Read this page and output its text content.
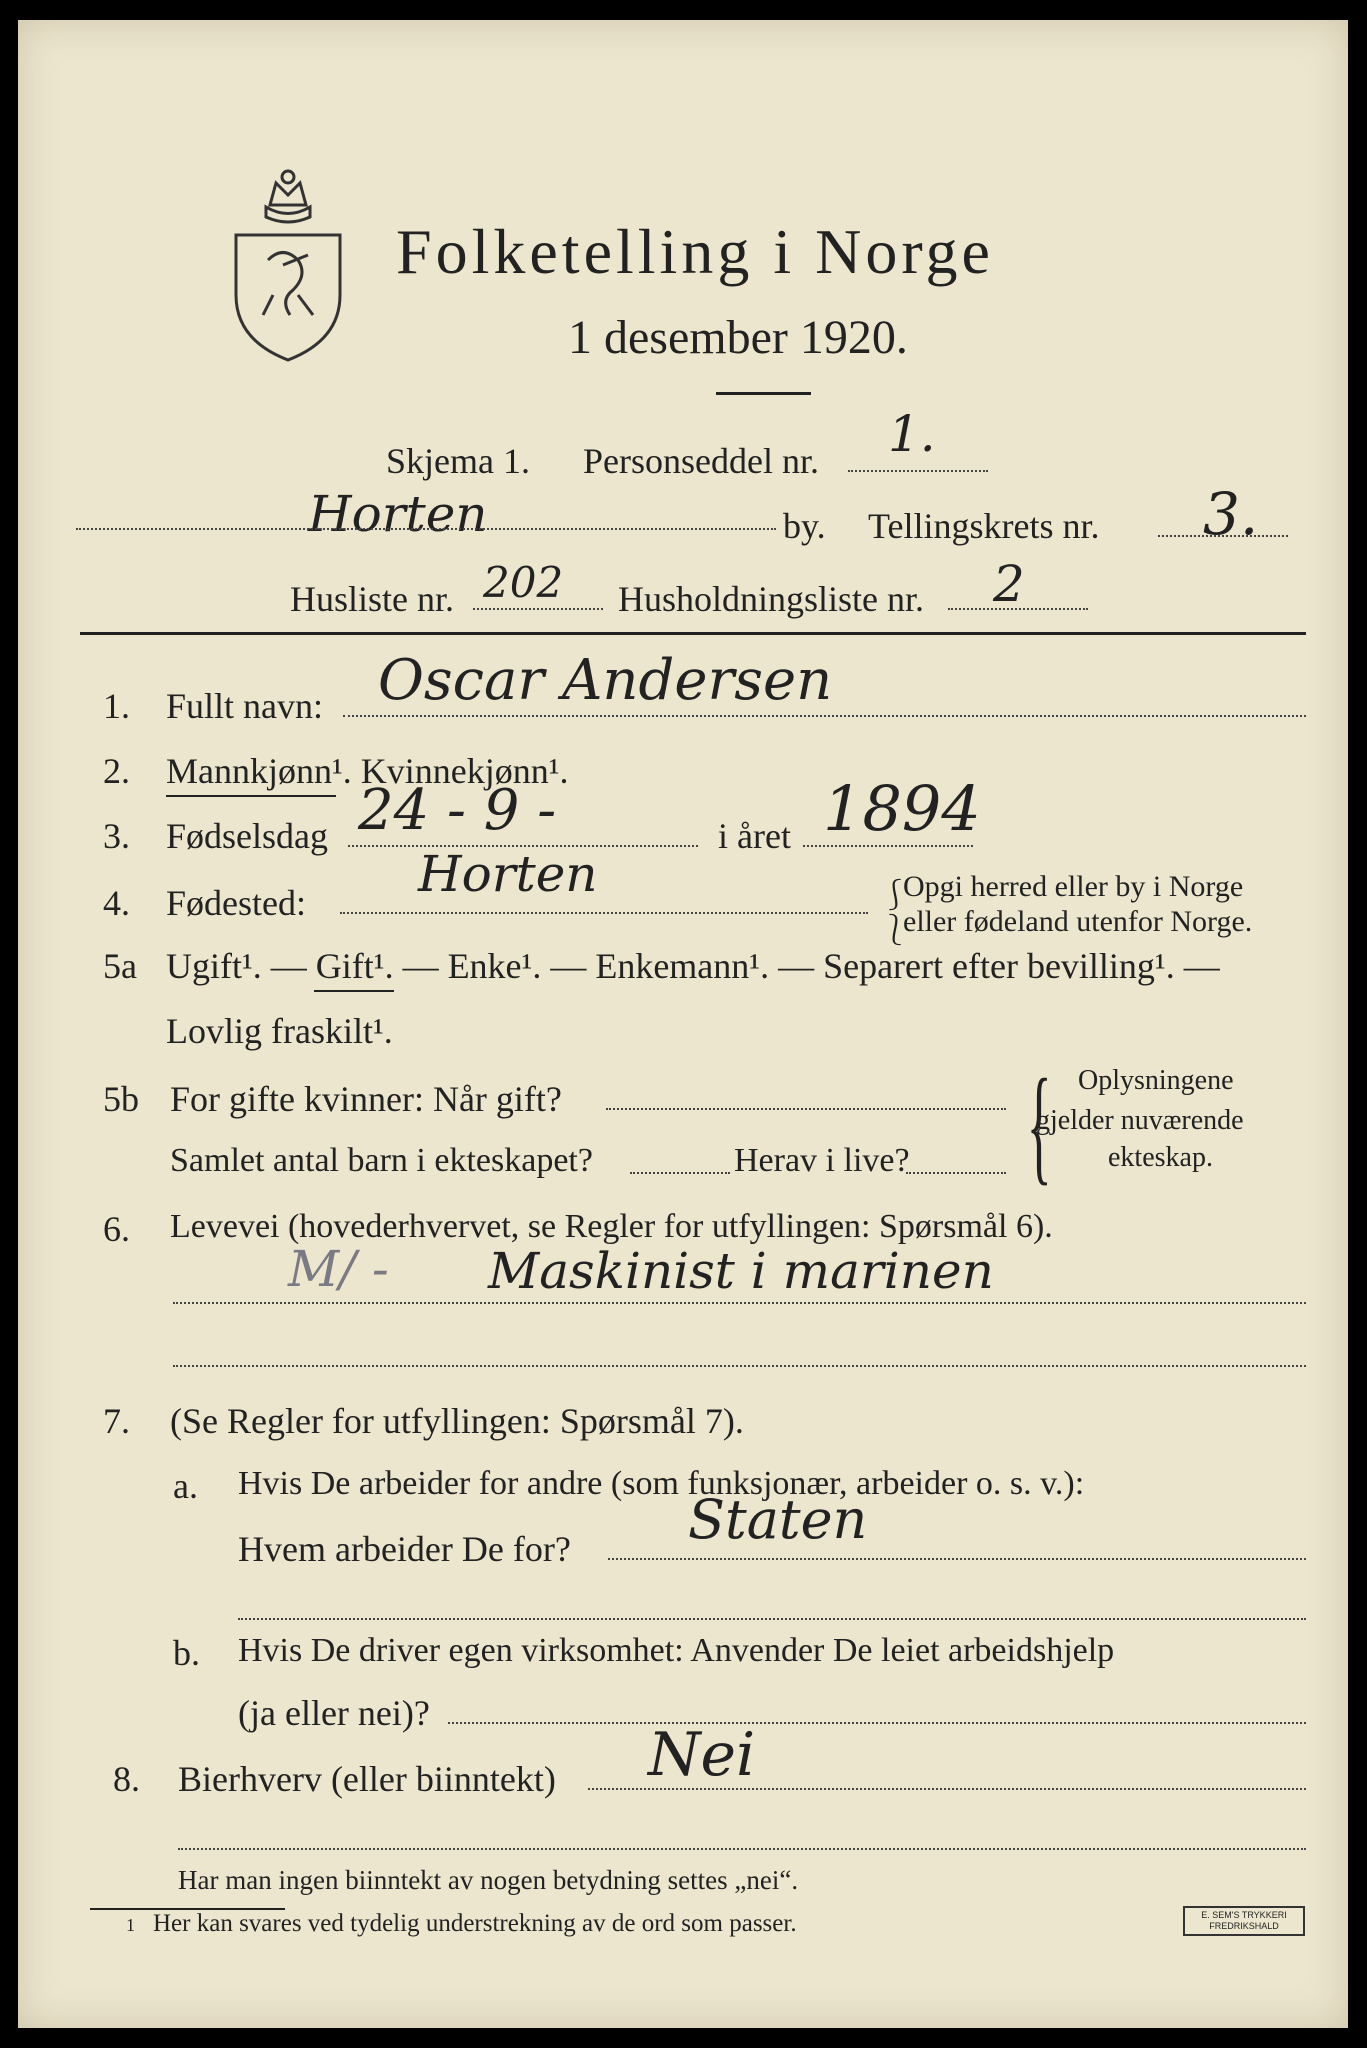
Folketelling i Norge
1 desember 1920.
Skjema 1. Personseddel nr. 1.
Horten	by. Tellingskrets nr. 3.
Husliste nr. 202 Husholdningsliste nr. 2
1. Fullt navn: Oscar Andersen
2. Mannkjønn¹. Kvinnekjønn¹.
3. Fødselsdag 24 - 9 -	i året 1894
4. Fødested: Horten	⎰
Opgi herred eller by i Norge
⎱
eller fødeland utenfor Norge.
5a Ugift¹. — Gift¹. — Enke¹. — Enkemann¹. — Separert efter bevilling¹. —
Lovlig fraskilt¹.
5b For gifte kvinner: Når gift?
Samlet antal barn i ekteskapet?	Herav i live? { Oplysningene
gjelder nuværende
ekteskap.
6. Levevei (hovederhvervet, se Regler for utfyllingen: Spørsmål 6).
M/ - Maskinist i marinen
7. (Se Regler for utfyllingen: Spørsmål 7).
a. Hvis De arbeider for andre (som funksjonær, arbeider o. s. v.):
Hvem arbeider De for? Staten
b. Hvis De driver egen virksomhet: Anvender De leiet arbeidshjelp
(ja eller nei)?
8. Bierhverv (eller biinntekt) Nei
Har man ingen biinntekt av nogen betydning settes „nei“.
1 Her kan svares ved tydelig understrekning av de ord som passer.	E. SEM'S TRYKKERI FREDRIKSHALD
